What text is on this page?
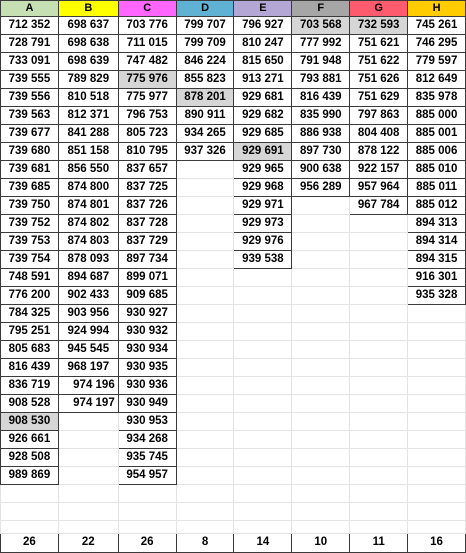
A	B	C	D	E	F	G	H
712 352	698 637	703 776	799 707	796 927	703 568	732 593	745 261
728 791	698 638	711 015	799 709	810 247	777 992	751 621	746 295
733 091	698 639	747 482	846 224	815 650	791 948	751 622	779 597
739 555	789 829	775 976	855 823	913 271	793 881	751 626	812 649
739 556	810 518	775 977	878 201	929 681	816 439	751 629	835 978
739 563	812 371	796 753	890 911	929 682	835 990	797 863	885 000
739 677	841 288	805 723	934 265	929 685	886 938	804 408	885 001
739 680	851 158	810 795	937 326	929 691	897 730	878 122	885 006
739 681	856 550	837 657		929 965	900 638	922 157	885 010
739 685	874 800	837 725		929 968	956 289	957 964	885 011
739 750	874 801	837 726		929 971		967 784	885 012
739 752	874 802	837 728		929 973			894 313
739 753	874 803	837 729		929 976			894 314
739 754	878 093	897 734		939 538			894 315
748 591	894 687	899 071					916 301
776 200	902 433	909 685					935 328
784 325	903 956	930 927					
795 251	924 994	930 932					
805 683	945 545	930 934					
816 439	968 197	930 935					
836 719	974 196	930 936					
908 528	974 197	930 949					
908 530		930 953					
926 661		934 268					
928 508		935 745					
989 869		954 957					

26	22	26	8	14	10	11	16
